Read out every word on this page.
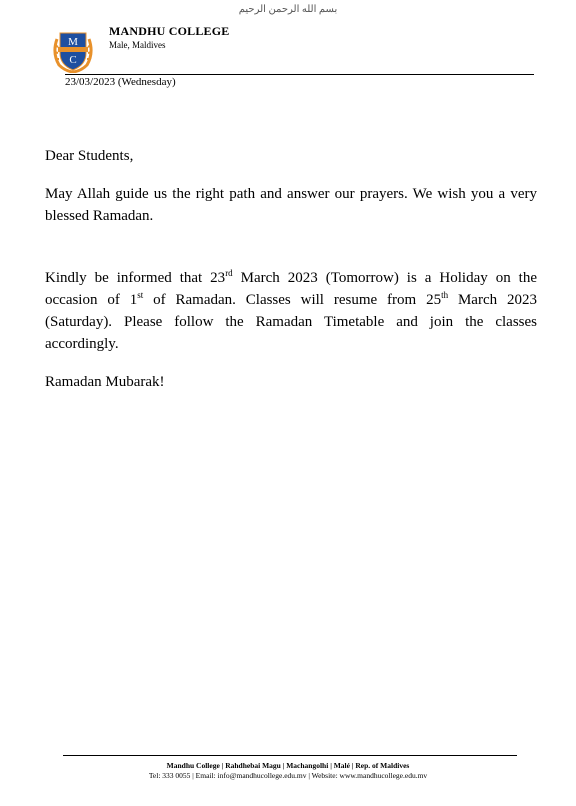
بسم الله الرحمن الرحيم
M
C
MANDHU COLLEGE
Male, Maldives
23/03/2023 (Wednesday)

Dear Students,

May Allah guide us the right path and answer our prayers. We wish you a very blessed Ramadan.

Kindly be informed that 23rd March 2023 (Tomorrow) is a Holiday on the occasion of 1st of Ramadan. Classes will resume from 25th March 2023 (Saturday). Please follow the Ramadan Timetable and join the classes accordingly.

Ramadan Mubarak!

Mandhu College | Rahdhebai Magu | Machangolhi | Malé | Rep. of Maldives
Tel: 333 0055 | Email: info@mandhucollege.edu.mv | Website: www.mandhucollege.edu.mv
